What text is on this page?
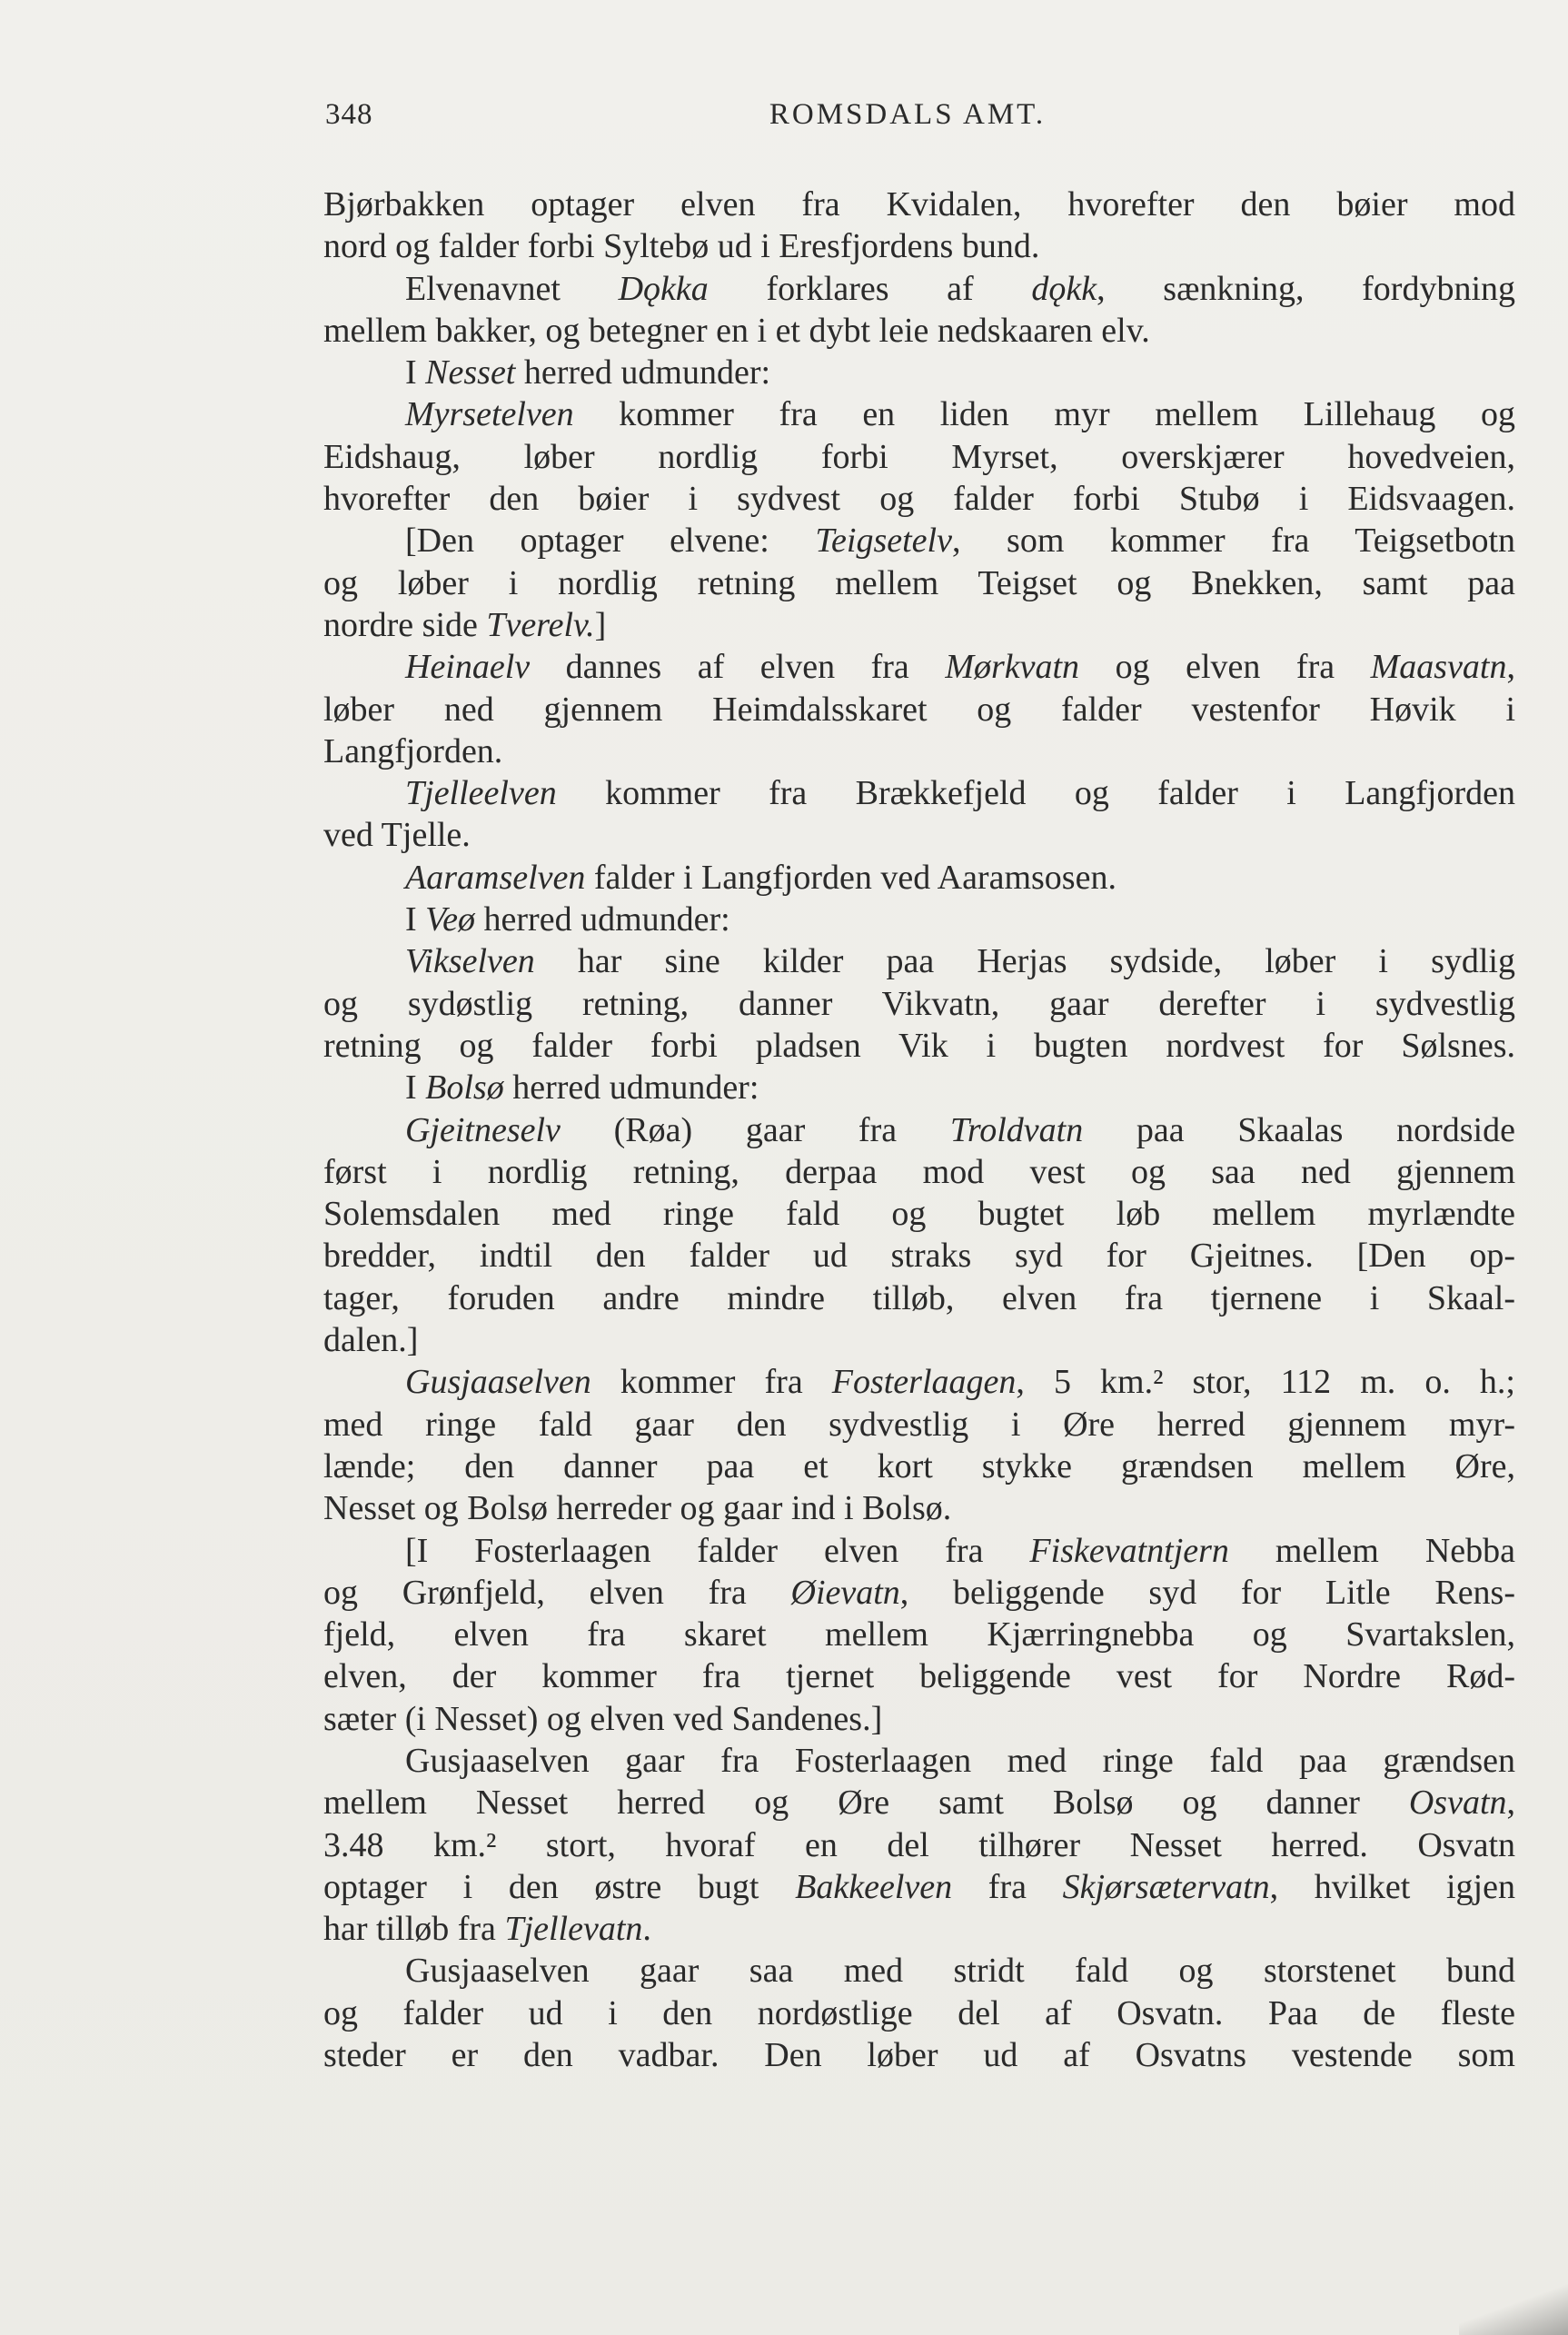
348	ROMSDALS AMT.
Bjørbakken optager elven fra Kvidalen, hvorefter den bøier mod
nord og falder forbi Syltebø ud i Eresfjordens bund.
Elvenavnet Dǫkka forklares af dǫkk, sænkning, fordybning
mellem bakker, og betegner en i et dybt leie nedskaaren elv.
I Nesset herred udmunder:
Myrsetelven kommer fra en liden myr mellem Lillehaug og
Eidshaug, løber nordlig forbi Myrset, overskjærer hovedveien,
hvorefter den bøier i sydvest og falder forbi Stubø i Eidsvaagen.
[Den optager elvene: Teigsetelv, som kommer fra Teigsetbotn
og løber i nordlig retning mellem Teigset og Bnekken, samt paa
nordre side Tverelv.]
Heinaelv dannes af elven fra Mørkvatn og elven fra Maasvatn,
løber ned gjennem Heimdalsskaret og falder vestenfor Høvik i
Langfjorden.
Tjelleelven kommer fra Brækkefjeld og falder i Langfjorden
ved Tjelle.
Aaramselven falder i Langfjorden ved Aaramsosen.
I Veø herred udmunder:
Vikselven har sine kilder paa Herjas sydside, løber i sydlig
og sydøstlig retning, danner Vikvatn, gaar derefter i sydvestlig
retning og falder forbi pladsen Vik i bugten nordvest for Sølsnes.
I Bolsø herred udmunder:
Gjeitneselv (Røa) gaar fra Troldvatn paa Skaalas nordside
først i nordlig retning, derpaa mod vest og saa ned gjennem
Solemsdalen med ringe fald og bugtet løb mellem myrlændte
bredder, indtil den falder ud straks syd for Gjeitnes. [Den op-
tager, foruden andre mindre tilløb, elven fra tjernene i Skaal-
dalen.]
Gusjaaselven kommer fra Fosterlaagen, 5 km.² stor, 112 m. o. h.;
med ringe fald gaar den sydvestlig i Øre herred gjennem myr-
lænde; den danner paa et kort stykke grændsen mellem Øre,
Nesset og Bolsø herreder og gaar ind i Bolsø.
[I Fosterlaagen falder elven fra Fiskevatntjern mellem Nebba
og Grønfjeld, elven fra Øievatn, beliggende syd for Litle Rens-
fjeld, elven fra skaret mellem Kjærringnebba og Svartakslen,
elven, der kommer fra tjernet beliggende vest for Nordre Rød-
sæter (i Nesset) og elven ved Sandenes.]
Gusjaaselven gaar fra Fosterlaagen med ringe fald paa grændsen
mellem Nesset herred og Øre samt Bolsø og danner Osvatn,
3.48 km.² stort, hvoraf en del tilhører Nesset herred. Osvatn
optager i den østre bugt Bakkeelven fra Skjørsætervatn, hvilket igjen
har tilløb fra Tjellevatn.
Gusjaaselven gaar saa med stridt fald og storstenet bund
og falder ud i den nordøstlige del af Osvatn. Paa de fleste
steder er den vadbar. Den løber ud af Osvatns vestende som
